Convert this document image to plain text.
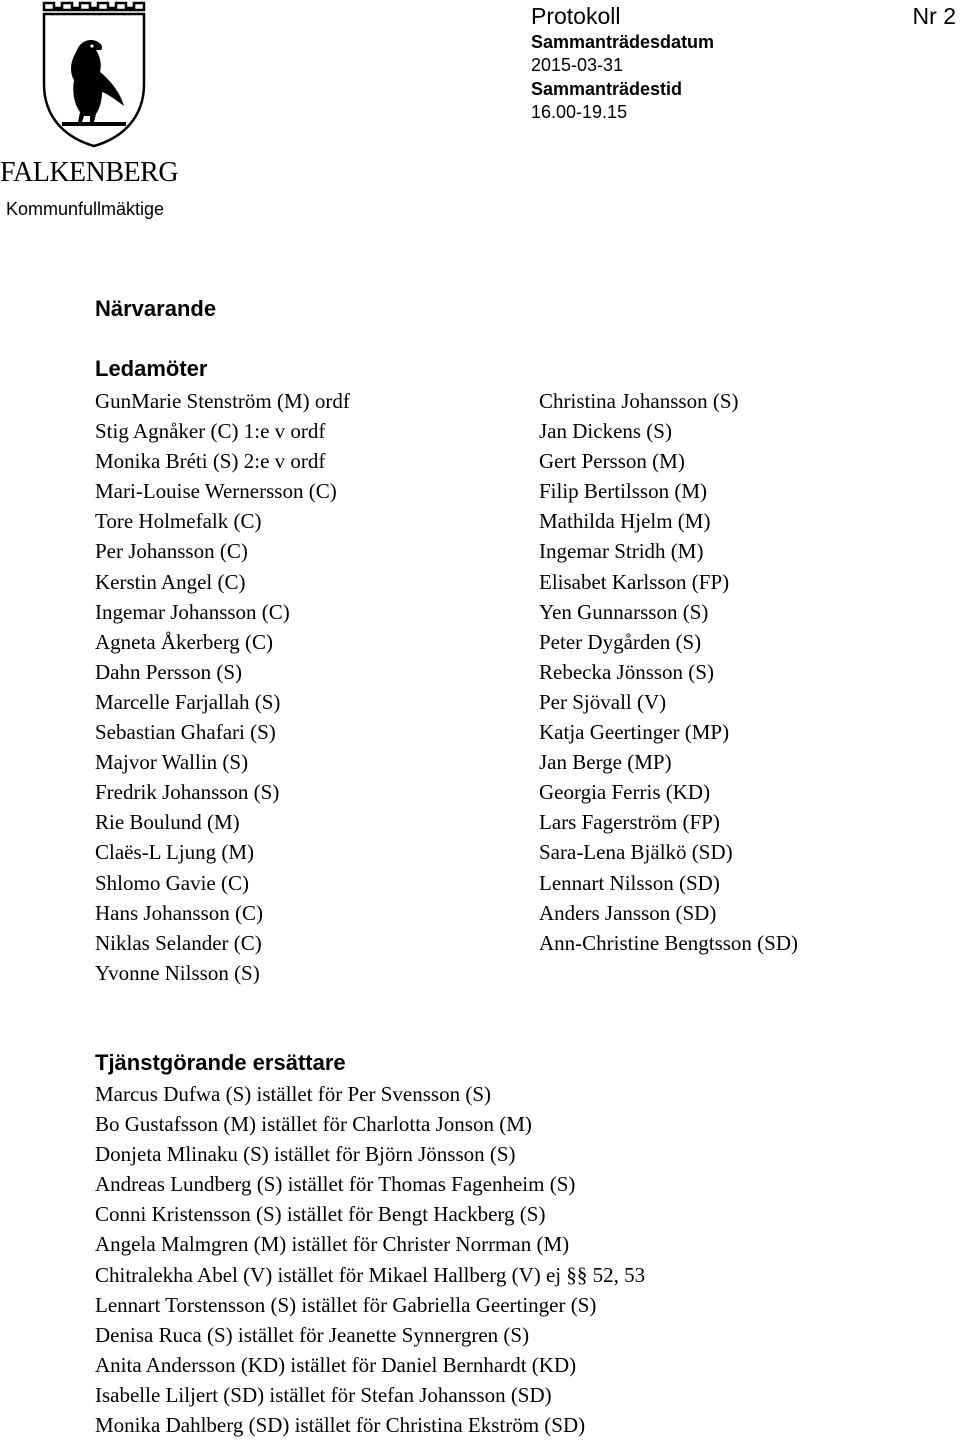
FALKENBERG
Kommunfullmäktige
Protokoll
Sammanträdesdatum
2015-03-31
Sammanträdestid
16.00-19.15
Nr 2
Närvarande
Ledamöter
GunMarie Stenström (M) ordf
Stig Agnåker (C) 1:e v ordf
Monika Bréti (S) 2:e v ordf
Mari-Louise Wernersson (C)
Tore Holmefalk (C)
Per Johansson (C)
Kerstin Angel (C)
Ingemar Johansson (C)
Agneta Åkerberg (C)
Dahn Persson (S)
Marcelle Farjallah (S)
Sebastian Ghafari (S)
Majvor Wallin (S)
Fredrik Johansson (S)
Rie Boulund (M)
Claës-L Ljung (M)
Shlomo Gavie (C)
Hans Johansson (C)
Niklas Selander (C)
Yvonne Nilsson (S)
Christina Johansson (S)
Jan Dickens (S)
Gert Persson (M)
Filip Bertilsson (M)
Mathilda Hjelm (M)
Ingemar Stridh (M)
Elisabet Karlsson (FP)
Yen Gunnarsson (S)
Peter Dygården (S)
Rebecka Jönsson (S)
Per Sjövall (V)
Katja Geertinger (MP)
Jan Berge (MP)
Georgia Ferris (KD)
Lars Fagerström (FP)
Sara-Lena Bjälkö (SD)
Lennart Nilsson (SD)
Anders Jansson (SD)
Ann-Christine Bengtsson (SD)
Tjänstgörande ersättare
Marcus Dufwa (S) istället för Per Svensson (S)
Bo Gustafsson (M) istället för Charlotta Jonson (M)
Donjeta Mlinaku (S) istället för Björn Jönsson (S)
Andreas Lundberg (S) istället för Thomas Fagenheim (S)
Conni Kristensson (S) istället för Bengt Hackberg (S)
Angela Malmgren (M) istället för Christer Norrman (M)
Chitralekha Abel (V) istället för Mikael Hallberg (V) ej §§ 52, 53
Lennart Torstensson (S) istället för Gabriella Geertinger (S)
Denisa Ruca (S) istället för Jeanette Synnergren (S)
Anita Andersson (KD) istället för Daniel Bernhardt (KD)
Isabelle Liljert (SD) istället för Stefan Johansson (SD)
Monika Dahlberg (SD) istället för Christina Ekström (SD)
